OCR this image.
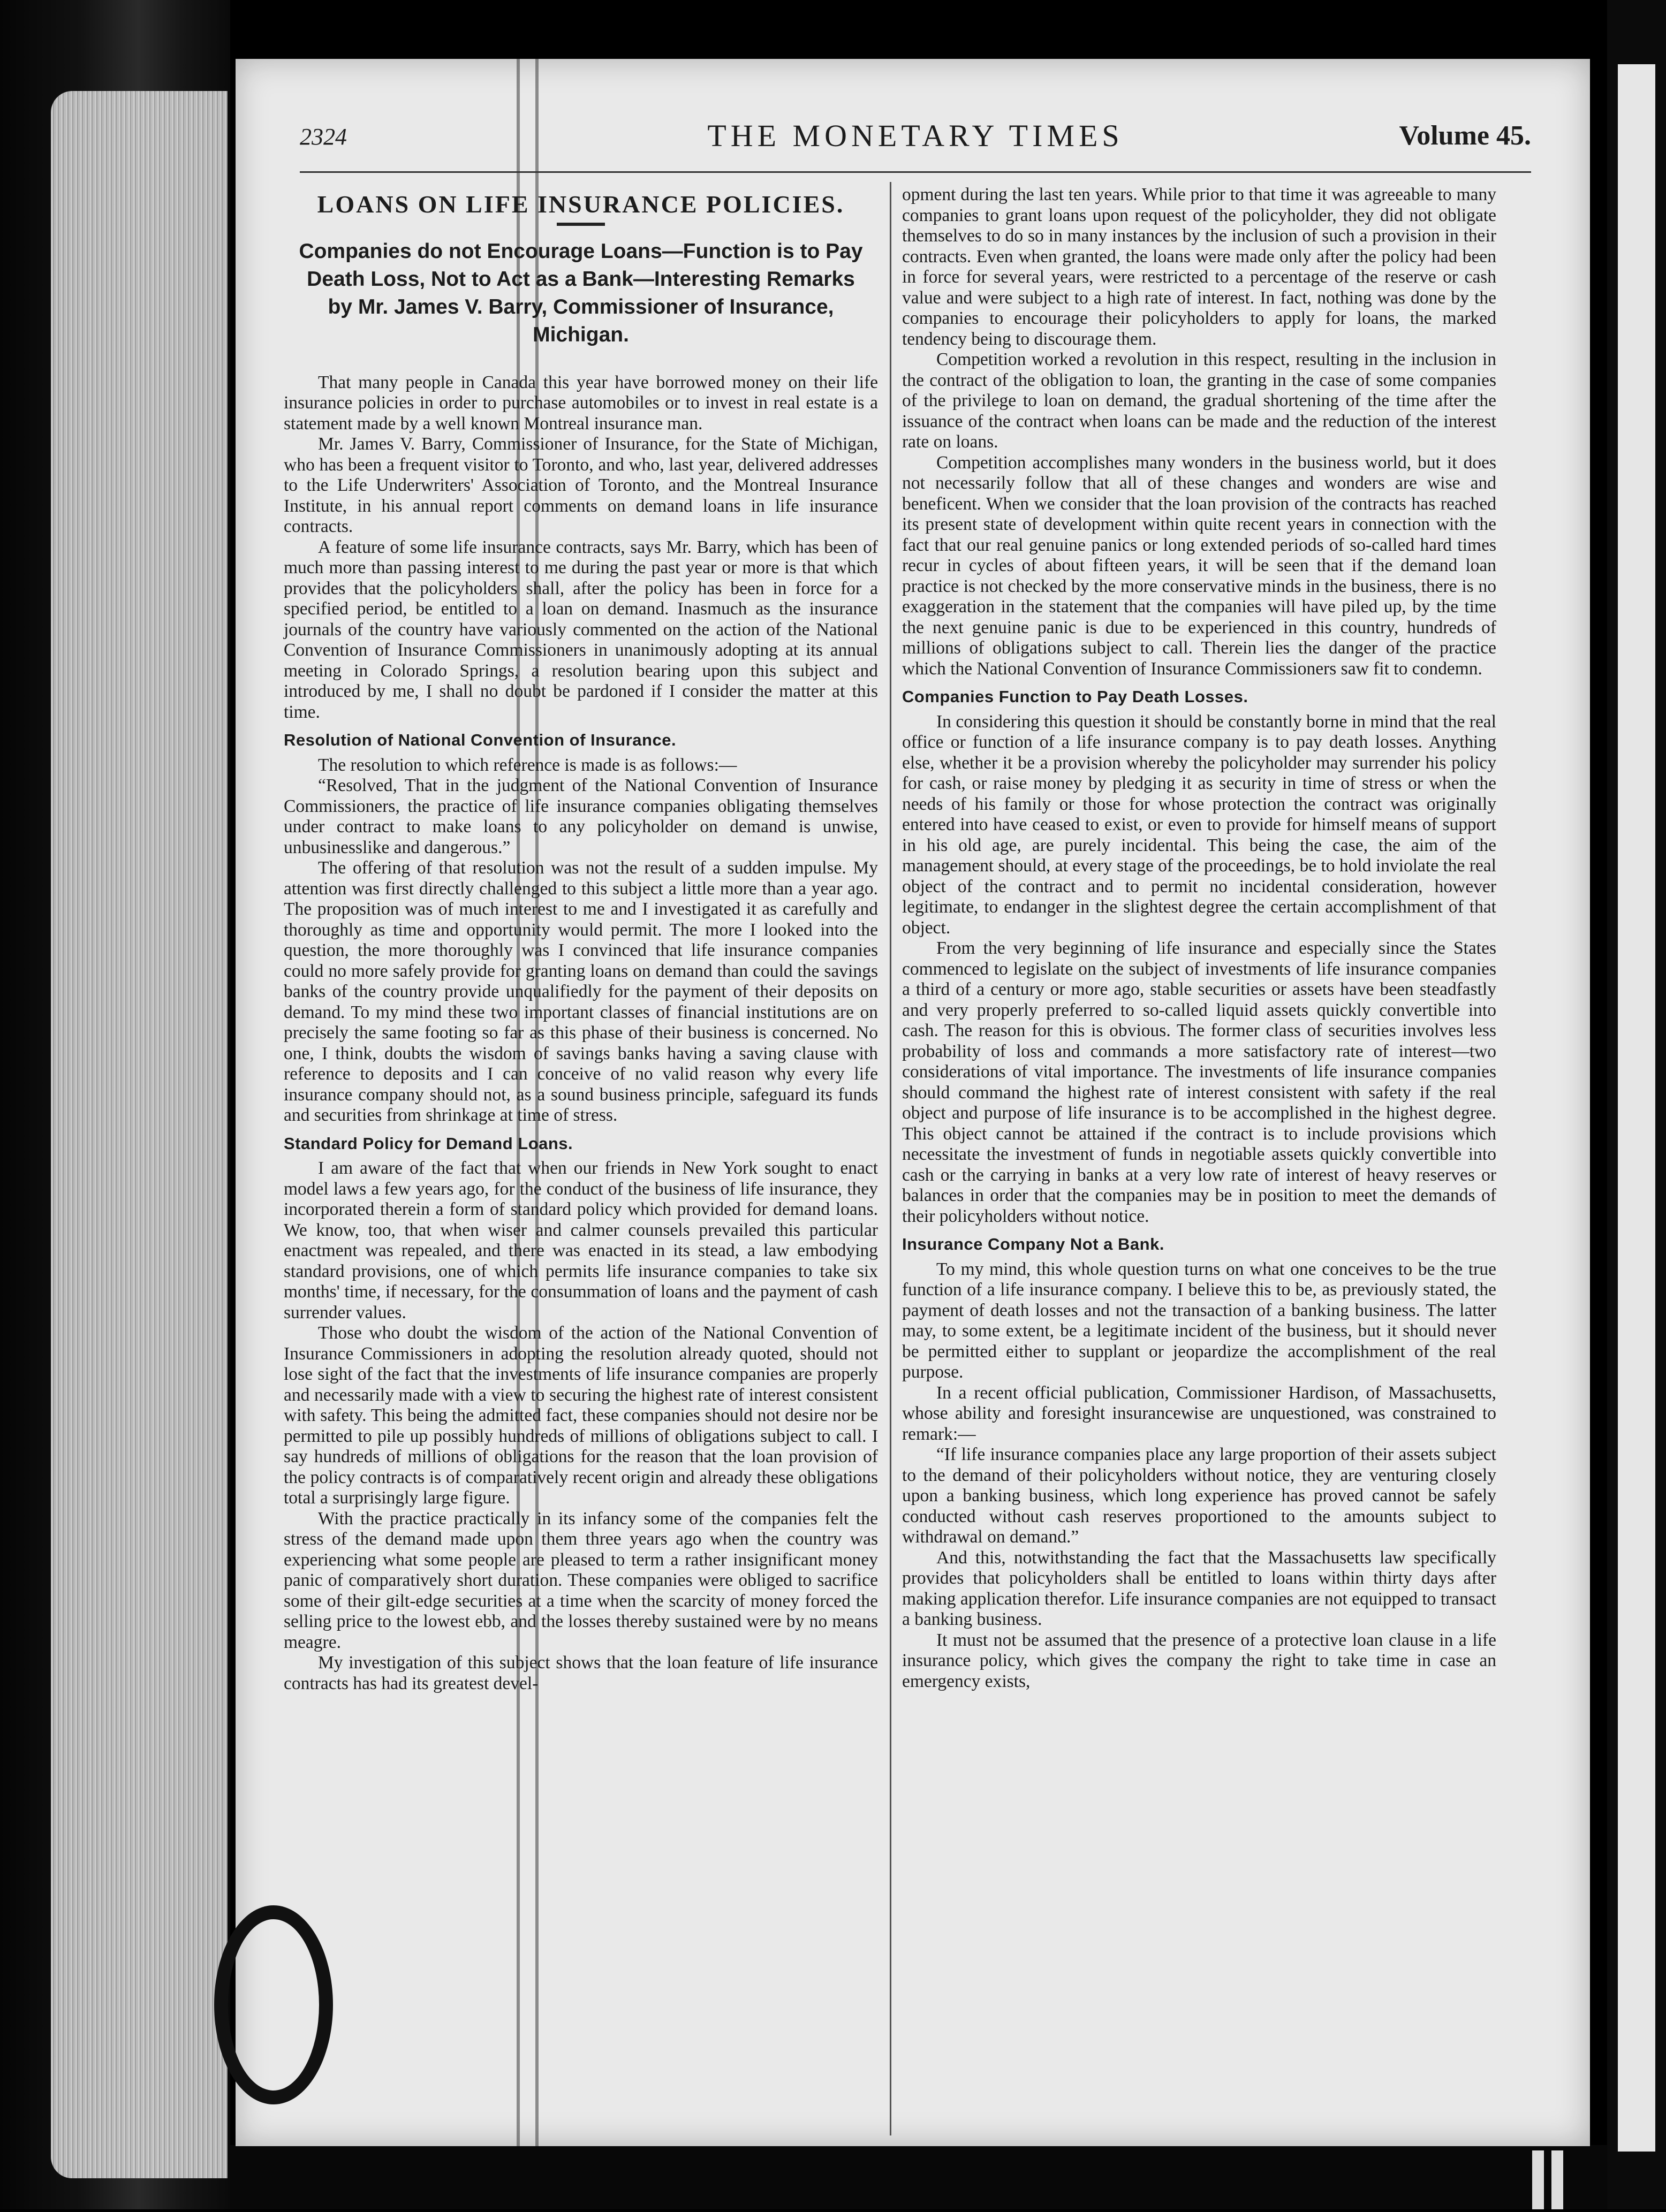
2324	THE MONETARY TIMES	Volume 45.
LOANS ON LIFE INSURANCE POLICIES.
Companies do not Encourage Loans—Function is to Pay Death Loss, Not to Act as a Bank—Interesting Remarks by Mr. James V. Barry, Commissioner of Insurance, Michigan.

That many people in Canada this year have borrowed money on their life insurance policies in order to purchase automobiles or to invest in real estate is a statement made by a well known Montreal insurance man.

Mr. James V. Barry, Commissioner of Insurance, for the State of Michigan, who has been a frequent visitor to Toronto, and who, last year, delivered addresses to the Life Underwriters' Association of Toronto, and the Montreal Insurance Institute, in his annual report comments on demand loans in life insurance contracts.

A feature of some life insurance contracts, says Mr. Barry, which has been of much more than passing interest to me during the past year or more is that which provides that the policyholders shall, after the policy has been in force for a specified period, be entitled to a loan on demand. Inasmuch as the insurance journals of the country have variously commented on the action of the National Convention of Insurance Commissioners in unanimously adopting at its annual meeting in Colorado Springs, a resolution bearing upon this subject and introduced by me, I shall no doubt be pardoned if I consider the matter at this time.

Resolution of National Convention of Insurance.

The resolution to which reference is made is as follows:—

“Resolved, That in the judgment of the National Convention of Insurance Commissioners, the practice of life insurance companies obligating themselves under contract to make loans to any policyholder on demand is unwise, unbusinesslike and dangerous.”

The offering of that resolution was not the result of a sudden impulse. My attention was first directly challenged to this subject a little more than a year ago. The proposition was of much interest to me and I investigated it as carefully and thoroughly as time and opportunity would permit. The more I looked into the question, the more thoroughly was I convinced that life insurance companies could no more safely provide for granting loans on demand than could the savings banks of the country provide unqualifiedly for the payment of their deposits on demand. To my mind these two important classes of financial institutions are on precisely the same footing so far as this phase of their business is concerned. No one, I think, doubts the wisdom of savings banks having a saving clause with reference to deposits and I can conceive of no valid reason why every life insurance company should not, as a sound business principle, safeguard its funds and securities from shrinkage at time of stress.

Standard Policy for Demand Loans.

I am aware of the fact that when our friends in New York sought to enact model laws a few years ago, for the conduct of the business of life insurance, they incorporated therein a form of standard policy which provided for demand loans. We know, too, that when wiser and calmer counsels prevailed this particular enactment was repealed, and there was enacted in its stead, a law embodying standard provisions, one of which permits life insurance companies to take six months' time, if necessary, for the consummation of loans and the payment of cash surrender values.

Those who doubt the wisdom of the action of the National Convention of Insurance Commissioners in adopting the resolution already quoted, should not lose sight of the fact that the investments of life insurance companies are properly and necessarily made with a view to securing the highest rate of interest consistent with safety. This being the admitted fact, these companies should not desire nor be permitted to pile up possibly hundreds of millions of obligations subject to call. I say hundreds of millions of obligations for the reason that the loan provision of the policy contracts is of comparatively recent origin and already these obligations total a surprisingly large figure.

With the practice practically in its infancy some of the companies felt the stress of the demand made upon them three years ago when the country was experiencing what some people are pleased to term a rather insignificant money panic of comparatively short duration. These companies were obliged to sacrifice some of their gilt-edge securities at a time when the scarcity of money forced the selling price to the lowest ebb, and the losses thereby sustained were by no means meagre.

My investigation of this subject shows that the loan feature of life insurance contracts has had its greatest devel-

opment during the last ten years. While prior to that time it was agreeable to many companies to grant loans upon request of the policyholder, they did not obligate themselves to do so in many instances by the inclusion of such a provision in their contracts. Even when granted, the loans were made only after the policy had been in force for several years, were restricted to a percentage of the reserve or cash value and were subject to a high rate of interest. In fact, nothing was done by the companies to encourage their policyholders to apply for loans, the marked tendency being to discourage them.

Competition worked a revolution in this respect, resulting in the inclusion in the contract of the obligation to loan, the granting in the case of some companies of the privilege to loan on demand, the gradual shortening of the time after the issuance of the contract when loans can be made and the reduction of the interest rate on loans.

Competition accomplishes many wonders in the business world, but it does not necessarily follow that all of these changes and wonders are wise and beneficent. When we consider that the loan provision of the contracts has reached its present state of development within quite recent years in connection with the fact that our real genuine panics or long extended periods of so-called hard times recur in cycles of about fifteen years, it will be seen that if the demand loan practice is not checked by the more conservative minds in the business, there is no exaggeration in the statement that the companies will have piled up, by the time the next genuine panic is due to be experienced in this country, hundreds of millions of obligations subject to call. Therein lies the danger of the practice which the National Convention of Insurance Commissioners saw fit to condemn.

Companies Function to Pay Death Losses.

In considering this question it should be constantly borne in mind that the real office or function of a life insurance company is to pay death losses. Anything else, whether it be a provision whereby the policyholder may surrender his policy for cash, or raise money by pledging it as security in time of stress or when the needs of his family or those for whose protection the contract was originally entered into have ceased to exist, or even to provide for himself means of support in his old age, are purely incidental. This being the case, the aim of the management should, at every stage of the proceedings, be to hold inviolate the real object of the contract and to permit no incidental consideration, however legitimate, to endanger in the slightest degree the certain accomplishment of that object.

From the very beginning of life insurance and especially since the States commenced to legislate on the subject of investments of life insurance companies a third of a century or more ago, stable securities or assets have been steadfastly and very properly preferred to so-called liquid assets quickly convertible into cash. The reason for this is obvious. The former class of securities involves less probability of loss and commands a more satisfactory rate of interest—two considerations of vital importance. The investments of life insurance companies should command the highest rate of interest consistent with safety if the real object and purpose of life insurance is to be accomplished in the highest degree. This object cannot be attained if the contract is to include provisions which necessitate the investment of funds in negotiable assets quickly convertible into cash or the carrying in banks at a very low rate of interest of heavy reserves or balances in order that the companies may be in position to meet the demands of their policyholders without notice.

Insurance Company Not a Bank.

To my mind, this whole question turns on what one conceives to be the true function of a life insurance company. I believe this to be, as previously stated, the payment of death losses and not the transaction of a banking business. The latter may, to some extent, be a legitimate incident of the business, but it should never be permitted either to supplant or jeopardize the accomplishment of the real purpose.

In a recent official publication, Commissioner Hardison, of Massachusetts, whose ability and foresight insurancewise are unquestioned, was constrained to remark:—

“If life insurance companies place any large proportion of their assets subject to the demand of their policyholders without notice, they are venturing closely upon a banking business, which long experience has proved cannot be safely conducted without cash reserves proportioned to the amounts subject to withdrawal on demand.”

And this, notwithstanding the fact that the Massachusetts law specifically provides that policyholders shall be entitled to loans within thirty days after making application therefor. Life insurance companies are not equipped to transact a banking business.

It must not be assumed that the presence of a protective loan clause in a life insurance policy, which gives the company the right to take time in case an emergency exists,
